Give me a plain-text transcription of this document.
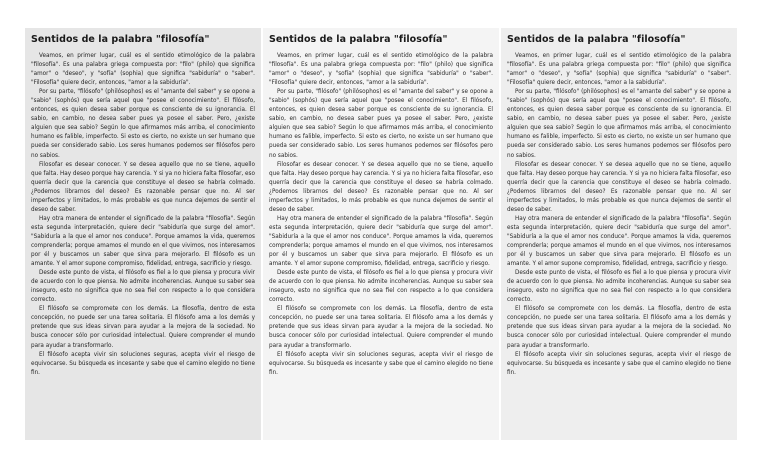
Sentidos de la palabra "filosofía"

Veamos, en primer lugar, cuál es el sentido etimológico de la palabra "filosofía". Es una palabra griega compuesta por: "filo" (philo) que significa "amor" o "deseo", y "sofía" (sophia) que significa "sabiduría" o "saber". "Filosofía" quiere decir, entonces, "amor a la sabiduría".

Por su parte, "filósofo" (philósophos) es el "amante del saber" y se opone a "sabio" (sophós) que sería aquel que "posee el conocimiento". El filósofo, entonces, es quien desea saber porque es consciente de su ignorancia. El sabio, en cambio, no desea saber pues ya posee el saber. Pero, ¿existe alguien que sea sabio? Según lo que afirmamos más arriba, el conocimiento humano es falible, imperfecto. Si esto es cierto, no existe un ser humano que pueda ser considerado sabio. Los seres humanos podemos ser filósofos pero no sabios.

Filosofar es desear conocer. Y se desea aquello que no se tiene, aquello que falta. Hay deseo porque hay carencia. Y si ya no hiciera falta filosofar, eso querría decir que la carencia que constituye el deseo se habría colmado. ¿Podemos librarnos del deseo? Es razonable pensar que no. Al ser imperfectos y limitados, lo más probable es que nunca dejemos de sentir el deseo de saber.

Hay otra manera de entender el significado de la palabra "filosofía". Según esta segunda interpretación, quiere decir "sabiduría que surge del amor". "Sabiduría a la que el amor nos conduce". Porque amamos la vida, queremos comprenderla; porque amamos el mundo en el que vivimos, nos interesamos por él y buscamos un saber que sirva para mejorarlo. El filósofo es un amante. Y el amor supone compromiso, fidelidad, entrega, sacrificio y riesgo.

Desde este punto de vista, el filósofo es fiel a lo que piensa y procura vivir de acuerdo con lo que piensa. No admite incoherencias. Aunque su saber sea inseguro, esto no significa que no sea fiel con respecto a lo que considera correcto.

El filósofo se compromete con los demás. La filosofía, dentro de esta concepción, no puede ser una tarea solitaria. El filósofo ama a los demás y pretende que sus ideas sirvan para ayudar a la mejora de la sociedad. No busca conocer sólo por curiosidad intelectual. Quiere comprender el mundo para ayudar a transformarlo.

El filósofo acepta vivir sin soluciones seguras, acepta vivir el riesgo de equivocarse. Su búsqueda es incesante y sabe que el camino elegido no tiene fin.

Sentidos de la palabra "filosofía"

Veamos, en primer lugar, cuál es el sentido etimológico de la palabra "filosofía". Es una palabra griega compuesta por: "filo" (philo) que significa "amor" o "deseo", y "sofía" (sophia) que significa "sabiduría" o "saber". "Filosofía" quiere decir, entonces, "amor a la sabiduría".

Por su parte, "filósofo" (philósophos) es el "amante del saber" y se opone a "sabio" (sophós) que sería aquel que "posee el conocimiento". El filósofo, entonces, es quien desea saber porque es consciente de su ignorancia. El sabio, en cambio, no desea saber pues ya posee el saber. Pero, ¿existe alguien que sea sabio? Según lo que afirmamos más arriba, el conocimiento humano es falible, imperfecto. Si esto es cierto, no existe un ser humano que pueda ser considerado sabio. Los seres humanos podemos ser filósofos pero no sabios.

Filosofar es desear conocer. Y se desea aquello que no se tiene, aquello que falta. Hay deseo porque hay carencia. Y si ya no hiciera falta filosofar, eso querría decir que la carencia que constituye el deseo se habría colmado. ¿Podemos librarnos del deseo? Es razonable pensar que no. Al ser imperfectos y limitados, lo más probable es que nunca dejemos de sentir el deseo de saber.

Hay otra manera de entender el significado de la palabra "filosofía". Según esta segunda interpretación, quiere decir "sabiduría que surge del amor". "Sabiduría a la que el amor nos conduce". Porque amamos la vida, queremos comprenderla; porque amamos el mundo en el que vivimos, nos interesamos por él y buscamos un saber que sirva para mejorarlo. El filósofo es un amante. Y el amor supone compromiso, fidelidad, entrega, sacrificio y riesgo.

Desde este punto de vista, el filósofo es fiel a lo que piensa y procura vivir de acuerdo con lo que piensa. No admite incoherencias. Aunque su saber sea inseguro, esto no significa que no sea fiel con respecto a lo que considera correcto.

El filósofo se compromete con los demás. La filosofía, dentro de esta concepción, no puede ser una tarea solitaria. El filósofo ama a los demás y pretende que sus ideas sirvan para ayudar a la mejora de la sociedad. No busca conocer sólo por curiosidad intelectual. Quiere comprender el mundo para ayudar a transformarlo.

El filósofo acepta vivir sin soluciones seguras, acepta vivir el riesgo de equivocarse. Su búsqueda es incesante y sabe que el camino elegido no tiene fin.

Sentidos de la palabra "filosofía"

Veamos, en primer lugar, cuál es el sentido etimológico de la palabra "filosofía". Es una palabra griega compuesta por: "filo" (philo) que significa "amor" o "deseo", y "sofía" (sophia) que significa "sabiduría" o "saber". "Filosofía" quiere decir, entonces, "amor a la sabiduría".

Por su parte, "filósofo" (philósophos) es el "amante del saber" y se opone a "sabio" (sophós) que sería aquel que "posee el conocimiento". El filósofo, entonces, es quien desea saber porque es consciente de su ignorancia. El sabio, en cambio, no desea saber pues ya posee el saber. Pero, ¿existe alguien que sea sabio? Según lo que afirmamos más arriba, el conocimiento humano es falible, imperfecto. Si esto es cierto, no existe un ser humano que pueda ser considerado sabio. Los seres humanos podemos ser filósofos pero no sabios.

Filosofar es desear conocer. Y se desea aquello que no se tiene, aquello que falta. Hay deseo porque hay carencia. Y si ya no hiciera falta filosofar, eso querría decir que la carencia que constituye el deseo se habría colmado. ¿Podemos librarnos del deseo? Es razonable pensar que no. Al ser imperfectos y limitados, lo más probable es que nunca dejemos de sentir el deseo de saber.

Hay otra manera de entender el significado de la palabra "filosofía". Según esta segunda interpretación, quiere decir "sabiduría que surge del amor". "Sabiduría a la que el amor nos conduce". Porque amamos la vida, queremos comprenderla; porque amamos el mundo en el que vivimos, nos interesamos por él y buscamos un saber que sirva para mejorarlo. El filósofo es un amante. Y el amor supone compromiso, fidelidad, entrega, sacrificio y riesgo.

Desde este punto de vista, el filósofo es fiel a lo que piensa y procura vivir de acuerdo con lo que piensa. No admite incoherencias. Aunque su saber sea inseguro, esto no significa que no sea fiel con respecto a lo que considera correcto.

El filósofo se compromete con los demás. La filosofía, dentro de esta concepción, no puede ser una tarea solitaria. El filósofo ama a los demás y pretende que sus ideas sirvan para ayudar a la mejora de la sociedad. No busca conocer sólo por curiosidad intelectual. Quiere comprender el mundo para ayudar a transformarlo.

El filósofo acepta vivir sin soluciones seguras, acepta vivir el riesgo de equivocarse. Su búsqueda es incesante y sabe que el camino elegido no tiene fin.
